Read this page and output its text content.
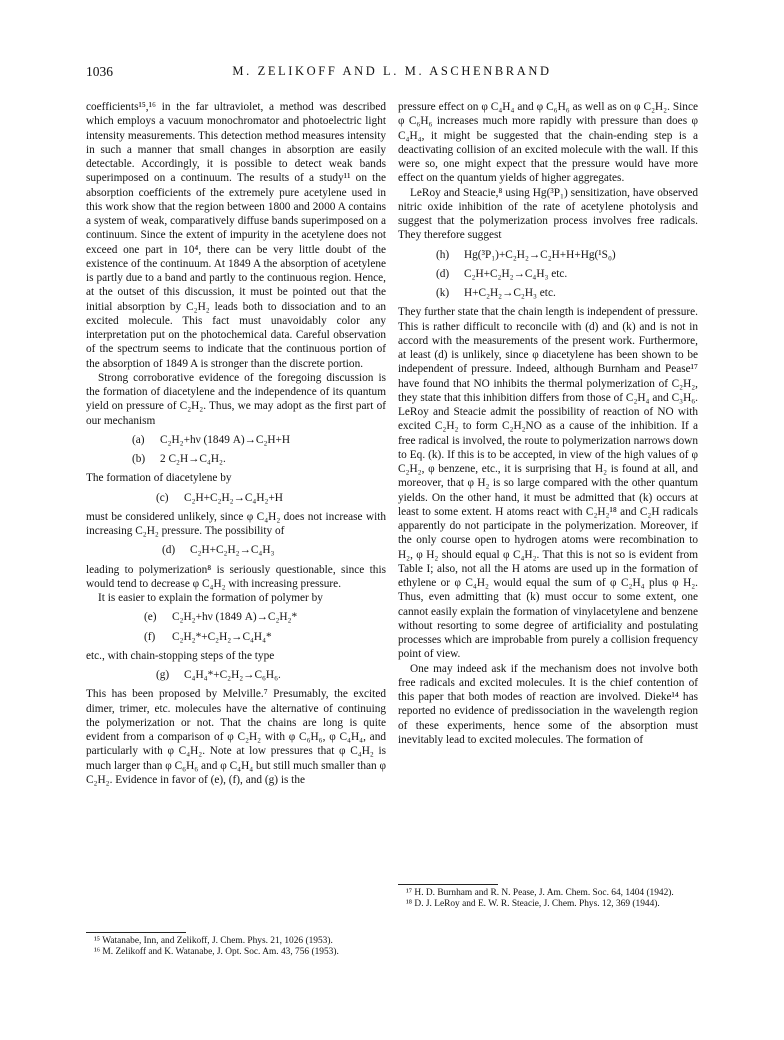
1036	M. ZELIKOFF AND L. M. ASCHENBRAND

coefficients¹⁵,¹⁶ in the far ultraviolet, a method was described which employs a vacuum monochromator and photoelectric light intensity measurements. This detection method measures intensity in such a manner that small changes in absorption are easily detectable. Accordingly, it is possible to detect weak bands superimposed on a continuum. The results of a study¹¹ on the absorption coefficients of the extremely pure acetylene used in this work show that the region between 1800 and 2000 A contains a system of weak, comparatively diffuse bands superimposed on a continuum. Since the extent of impurity in the acetylene does not exceed one part in 10⁴, there can be very little doubt of the existence of the continuum. At 1849 A the absorption of acetylene is partly due to a band and partly to the continuous region. Hence, at the outset of this discussion, it must be pointed out that the initial absorption by C₂H₂ leads both to dissociation and to an excited molecule. This fact must unavoidably color any interpretation put on the photochemical data. Careful observation of the spectrum seems to indicate that the continuous portion of the absorption of 1849 A is stronger than the discrete portion.

Strong corroborative evidence of the foregoing discussion is the formation of diacetylene and the independence of its quantum yield on pressure of C₂H₂. Thus, we may adopt as the first part of our mechanism

(a) C₂H₂+hν (1849 A)→C₂H+H
(b) 2 C₂H→C₄H₂.

The formation of diacetylene by

(c) C₂H+C₂H₂→C₄H₂+H

must be considered unlikely, since φ C₄H₂ does not increase with increasing C₂H₂ pressure. The possibility of

(d) C₂H+C₂H₂→C₄H₃

leading to polymerization⁸ is seriously questionable, since this would tend to decrease φ C₄H₂ with increasing pressure.

It is easier to explain the formation of polymer by

(e) C₂H₂+hν (1849 A)→C₂H₂*
(f) C₂H₂*+C₂H₂→C₄H₄*

etc., with chain-stopping steps of the type

(g) C₄H₄*+C₂H₂→C₆H₆.

This has been proposed by Melville.⁷ Presumably, the excited dimer, trimer, etc. molecules have the alternative of continuing the polymerization or not. That the chains are long is quite evident from a comparison of φ C₂H₂ with φ C₆H₆, φ C₄H₄, and particularly with φ C₄H₂. Note at low pressures that φ C₄H₂ is much larger than φ C₆H₆ and φ C₄H₄ but still much smaller than φ C₂H₂. Evidence in favor of (e), (f), and (g) is the

¹⁵ Watanabe, Inn, and Zelikoff, J. Chem. Phys. 21, 1026 (1953).

¹⁶ M. Zelikoff and K. Watanabe, J. Opt. Soc. Am. 43, 756 (1953).

pressure effect on φ C₄H₄ and φ C₆H₆ as well as on φ C₂H₂. Since φ C₆H₆ increases much more rapidly with pressure than does φ C₄H₄, it might be suggested that the chain-ending step is a deactivating collision of an excited molecule with the wall. If this were so, one might expect that the pressure would have more effect on the quantum yields of higher aggregates.

LeRoy and Steacie,⁸ using Hg(³P₁) sensitization, have observed nitric oxide inhibition of the rate of acetylene photolysis and suggest that the polymerization process involves free radicals. They therefore suggest

(h) Hg(³P₁)+C₂H₂→C₂H+H+Hg(¹S₀)
(d) C₂H+C₂H₂→C₄H₃ etc.
(k) H+C₂H₂→C₂H₃ etc.

They further state that the chain length is independent of pressure. This is rather difficult to reconcile with (d) and (k) and is not in accord with the measurements of the present work. Furthermore, at least (d) is unlikely, since φ diacetylene has been shown to be independent of pressure. Indeed, although Burnham and Pease¹⁷ have found that NO inhibits the thermal polymerization of C₂H₂, they state that this inhibition differs from those of C₂H₄ and C₃H₆. LeRoy and Steacie admit the possibility of reaction of NO with excited C₂H₂ to form C₂H₂NO as a cause of the inhibition. If a free radical is involved, the route to polymerization narrows down to Eq. (k). If this is to be accepted, in view of the high values of φ C₂H₂, φ benzene, etc., it is surprising that H₂ is found at all, and moreover, that φ H₂ is so large compared with the other quantum yields. On the other hand, it must be admitted that (k) occurs at least to some extent. H atoms react with C₂H₂¹⁸ and C₂H radicals apparently do not participate in the polymerization. Moreover, if the only course open to hydrogen atoms were recombination to H₂, φ H₂ should equal φ C₄H₂. That this is not so is evident from Table I; also, not all the H atoms are used up in the formation of ethylene or φ C₄H₂ would equal the sum of φ C₂H₄ plus φ H₂. Thus, even admitting that (k) must occur to some extent, one cannot easily explain the formation of vinylacetylene and benzene without resorting to some degree of artificiality and postulating processes which are improbable from purely a collision frequency point of view.

One may indeed ask if the mechanism does not involve both free radicals and excited molecules. It is the chief contention of this paper that both modes of reaction are involved. Dieke¹⁴ has reported no evidence of predissociation in the wavelength region of these experiments, hence some of the absorption must inevitably lead to excited molecules. The formation of

¹⁷ H. D. Burnham and R. N. Pease, J. Am. Chem. Soc. 64, 1404 (1942).

¹⁸ D. J. LeRoy and E. W. R. Steacie, J. Chem. Phys. 12, 369 (1944).
